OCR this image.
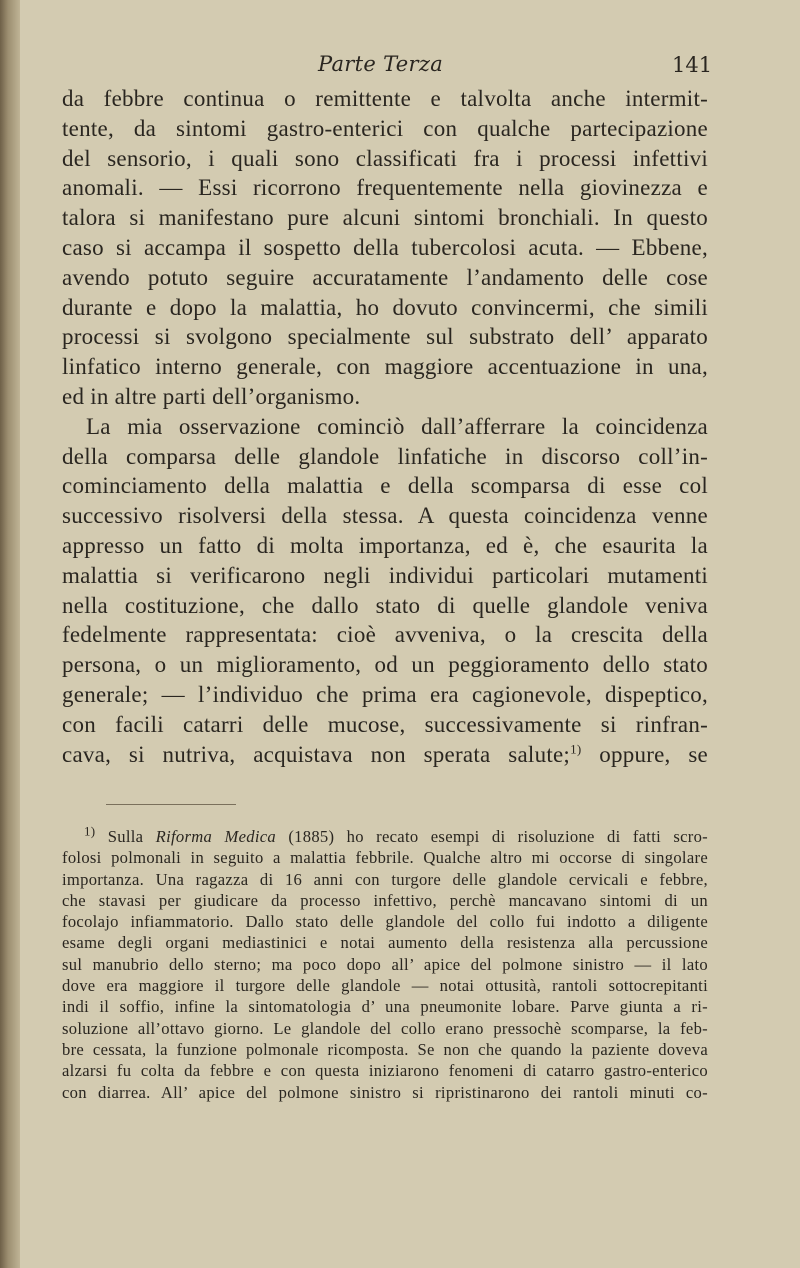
Parte Terza	141
da febbre continua o remittente e talvolta anche intermit-
tente, da sintomi gastro-enterici con qualche partecipazione
del sensorio, i quali sono classificati fra i processi infettivi
anomali. — Essi ricorrono frequentemente nella giovinezza e
talora si manifestano pure alcuni sintomi bronchiali. In questo
caso si accampa il sospetto della tubercolosi acuta. — Ebbene,
avendo potuto seguire accuratamente l’andamento delle cose
durante e dopo la malattia, ho dovuto convincermi, che simili
processi si svolgono specialmente sul substrato dell’ apparato
linfatico interno generale, con maggiore accentuazione in una,
ed in altre parti dell’organismo.
La mia osservazione cominciò dall’afferrare la coincidenza
della comparsa delle glandole linfatiche in discorso coll’in-
cominciamento della malattia e della scomparsa di esse col
successivo risolversi della stessa. A questa coincidenza venne
appresso un fatto di molta importanza, ed è, che esaurita la
malattia si verificarono negli individui particolari mutamenti
nella costituzione, che dallo stato di quelle glandole veniva
fedelmente rappresentata: cioè avveniva, o la crescita della
persona, o un miglioramento, od un peggioramento dello stato
generale; — l’individuo che prima era cagionevole, dispeptico,
con facili catarri delle mucose, successivamente si rinfran-
cava, si nutriva, acquistava non sperata salute;$^{1)}$ oppure, se
$^{1)}$ Sulla Riforma Medica (1885) ho recato esempi di risoluzione di fatti scro-
folosi polmonali in seguito a malattia febbrile. Qualche altro mi occorse di singolare
importanza. Una ragazza di 16 anni con turgore delle glandole cervicali e febbre,
che stavasi per giudicare da processo infettivo, perchè mancavano sintomi di un
focolajo infiammatorio. Dallo stato delle glandole del collo fui indotto a diligente
esame degli organi mediastinici e notai aumento della resistenza alla percussione
sul manubrio dello sterno; ma poco dopo all’ apice del polmone sinistro — il lato
dove era maggiore il turgore delle glandole — notai ottusità, rantoli sottocrepitanti
indi il soffio, infine la sintomatologia d’ una pneumonite lobare. Parve giunta a ri-
soluzione all’ottavo giorno. Le glandole del collo erano pressochè scomparse, la feb-
bre cessata, la funzione polmonale ricomposta. Se non che quando la paziente doveva
alzarsi fu colta da febbre e con questa iniziarono fenomeni di catarro gastro-enterico
con diarrea. All’ apice del polmone sinistro si ripristinarono dei rantoli minuti co-
